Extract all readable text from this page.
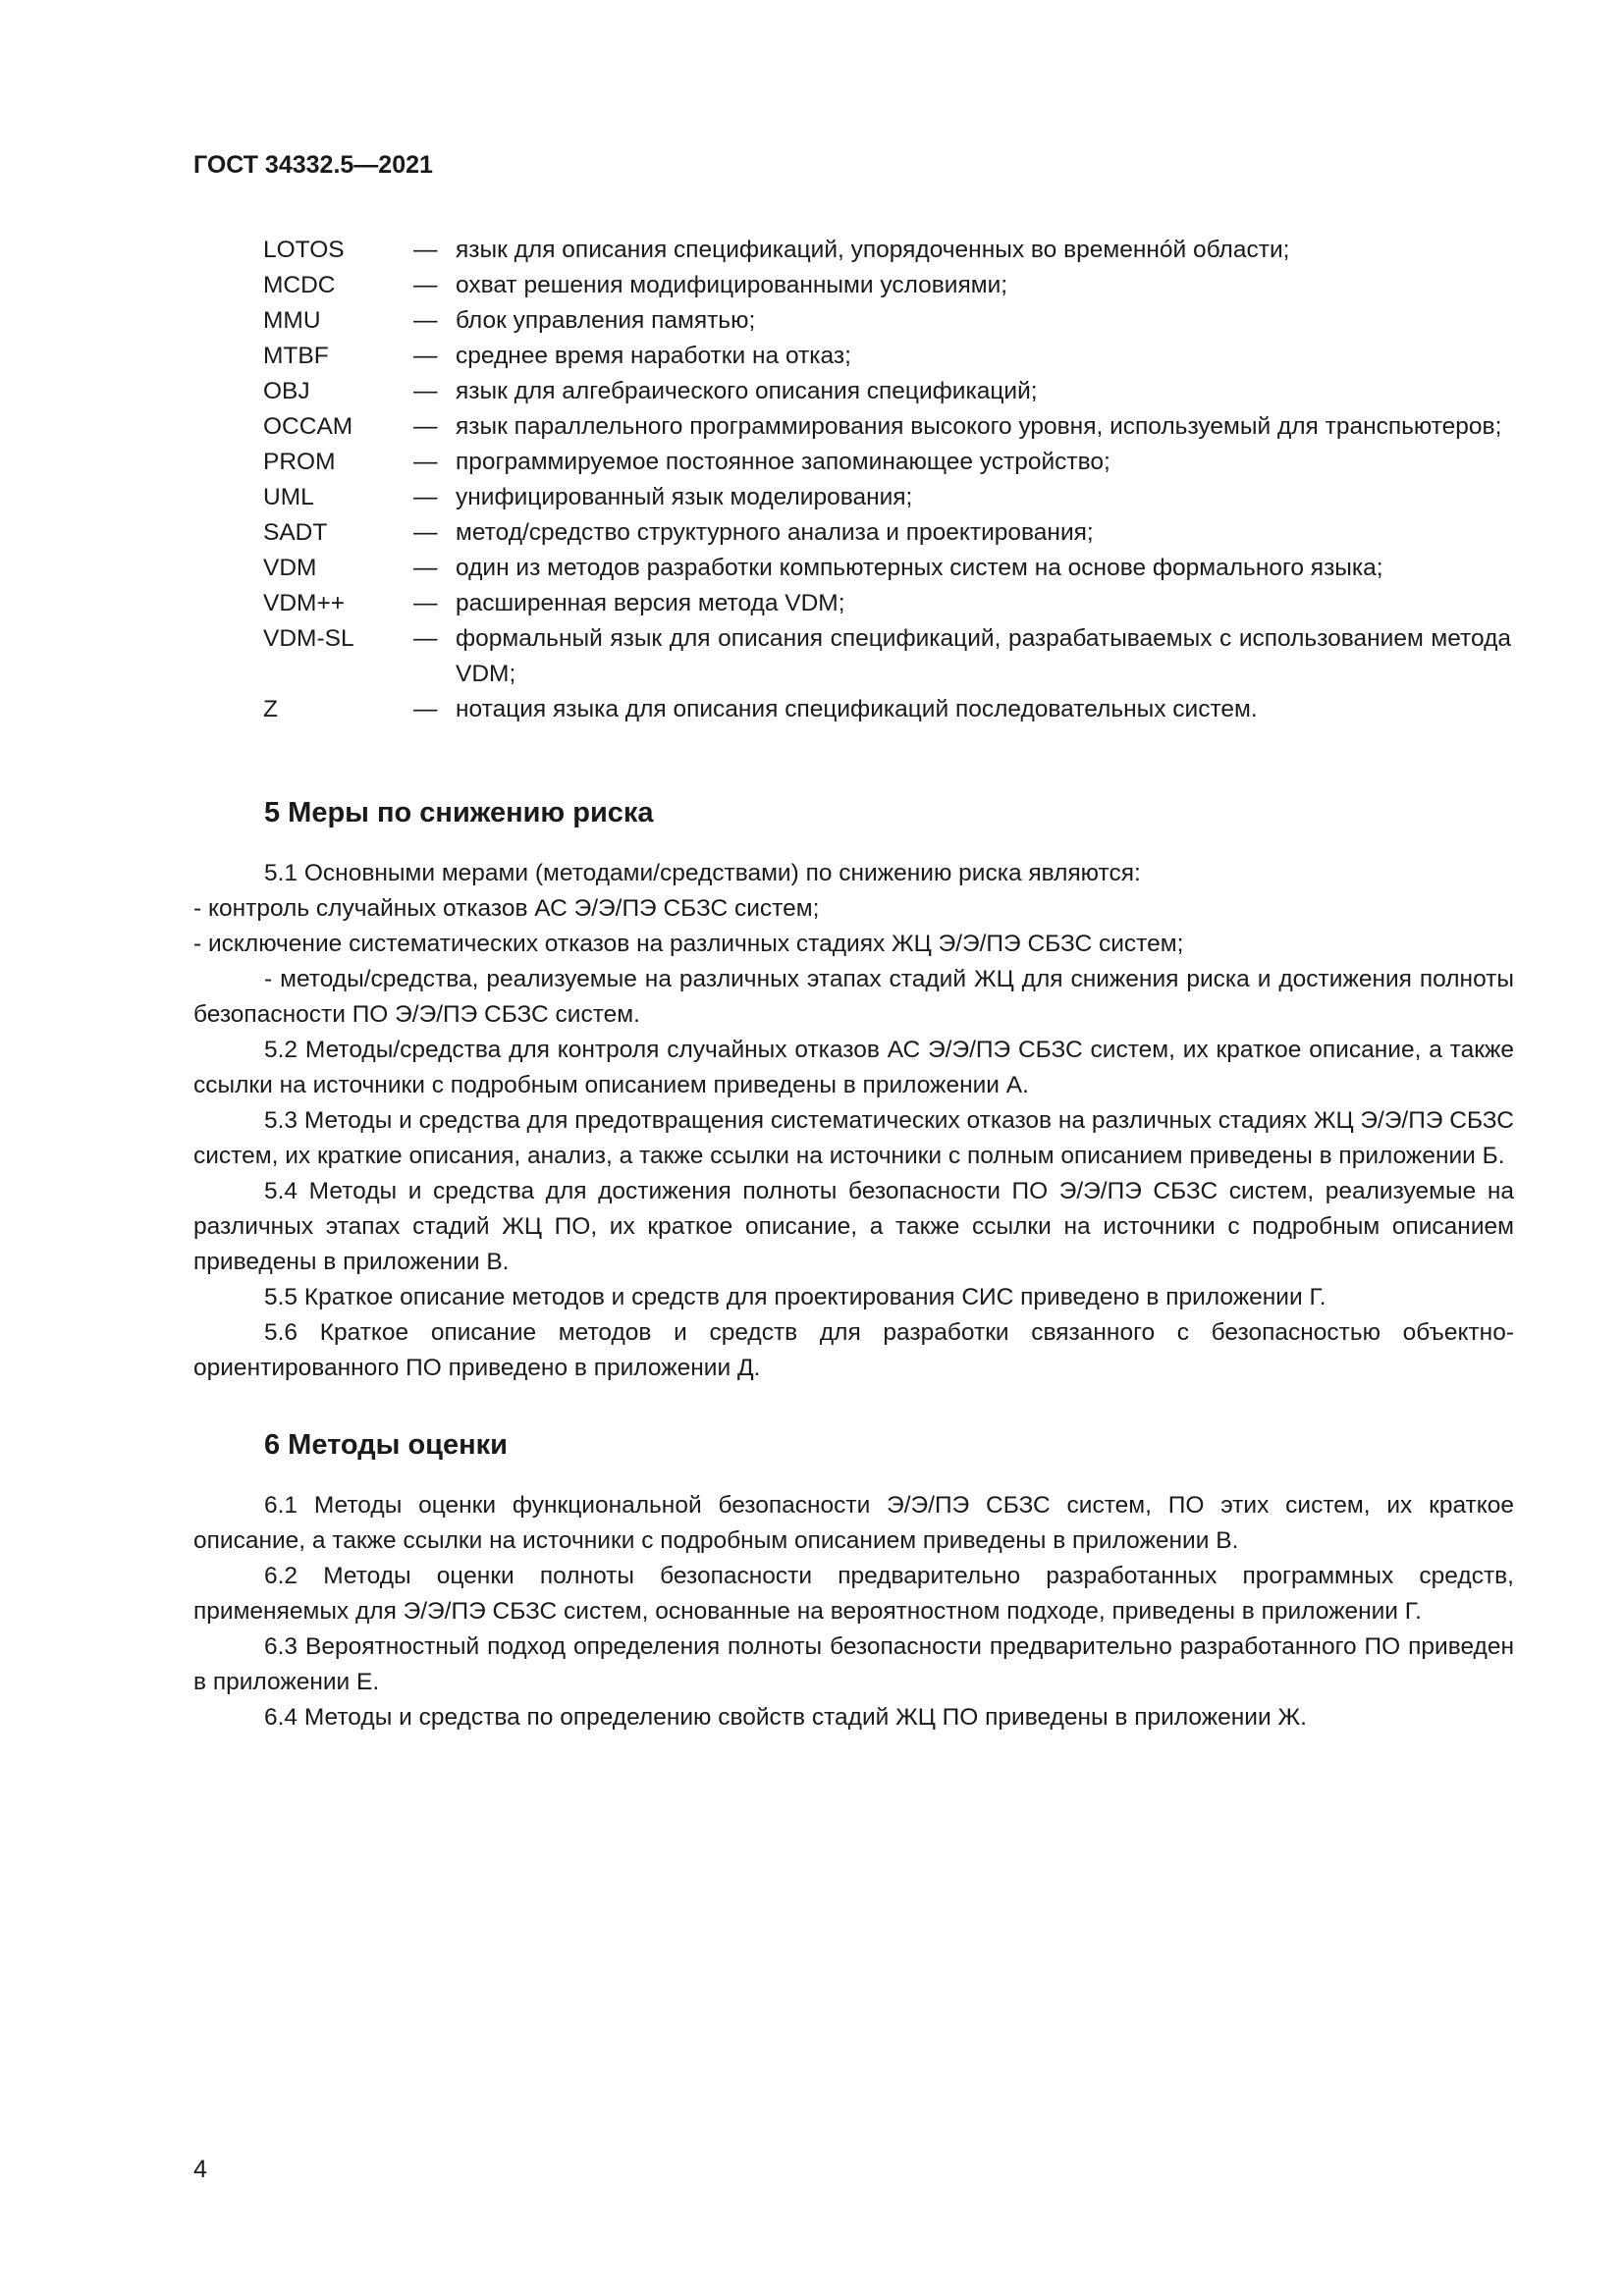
ГОСТ 34332.5—2021
LOTOS	— язык для описания спецификаций, упорядоченных во временнóй области;
MCDC	— охват решения модифицированными условиями;
MMU	— блок управления памятью;
MTBF	— среднее время наработки на отказ;
OBJ	— язык для алгебраического описания спецификаций;
OCCAM	— язык параллельного программирования высокого уровня, используемый для транспьютеров;
PROM	— программируемое постоянное запоминающее устройство;
UML	— унифицированный язык моделирования;
SADT	— метод/средство структурного анализа и проектирования;
VDM	— один из методов разработки компьютерных систем на основе формального языка;
VDM++	— расширенная версия метода VDM;
VDM-SL	— формальный язык для описания спецификаций, разрабатываемых с использованием метода VDM;
Z	— нотация языка для описания спецификаций последовательных систем.
5 Меры по снижению риска
5.1 Основными мерами (методами/средствами) по снижению риска являются:
- контроль случайных отказов АС Э/Э/ПЭ СБЗС систем;
- исключение систематических отказов на различных стадиях ЖЦ Э/Э/ПЭ СБЗС систем;
- методы/средства, реализуемые на различных этапах стадий ЖЦ для снижения риска и достижения полноты безопасности ПО Э/Э/ПЭ СБЗС систем.
5.2 Методы/средства для контроля случайных отказов АС Э/Э/ПЭ СБЗС систем, их краткое описание, а также ссылки на источники с подробным описанием приведены в приложении А.
5.3 Методы и средства для предотвращения систематических отказов на различных стадиях ЖЦ Э/Э/ПЭ СБЗС систем, их краткие описания, анализ, а также ссылки на источники с полным описанием приведены в приложении Б.
5.4 Методы и средства для достижения полноты безопасности ПО Э/Э/ПЭ СБЗС систем, реализуемые на различных этапах стадий ЖЦ ПО, их краткое описание, а также ссылки на источники с подробным описанием приведены в приложении В.
5.5 Краткое описание методов и средств для проектирования СИС приведено в приложении Г.
5.6 Краткое описание методов и средств для разработки связанного с безопасностью объектно-ориентированного ПО приведено в приложении Д.
6 Методы оценки
6.1 Методы оценки функциональной безопасности Э/Э/ПЭ СБЗС систем, ПО этих систем, их краткое описание, а также ссылки на источники с подробным описанием приведены в приложении В.
6.2 Методы оценки полноты безопасности предварительно разработанных программных средств, применяемых для Э/Э/ПЭ СБЗС систем, основанные на вероятностном подходе, приведены в приложении Г.
6.3 Вероятностный подход определения полноты безопасности предварительно разработанного ПО приведен в приложении Е.
6.4 Методы и средства по определению свойств стадий ЖЦ ПО приведены в приложении Ж.
4
